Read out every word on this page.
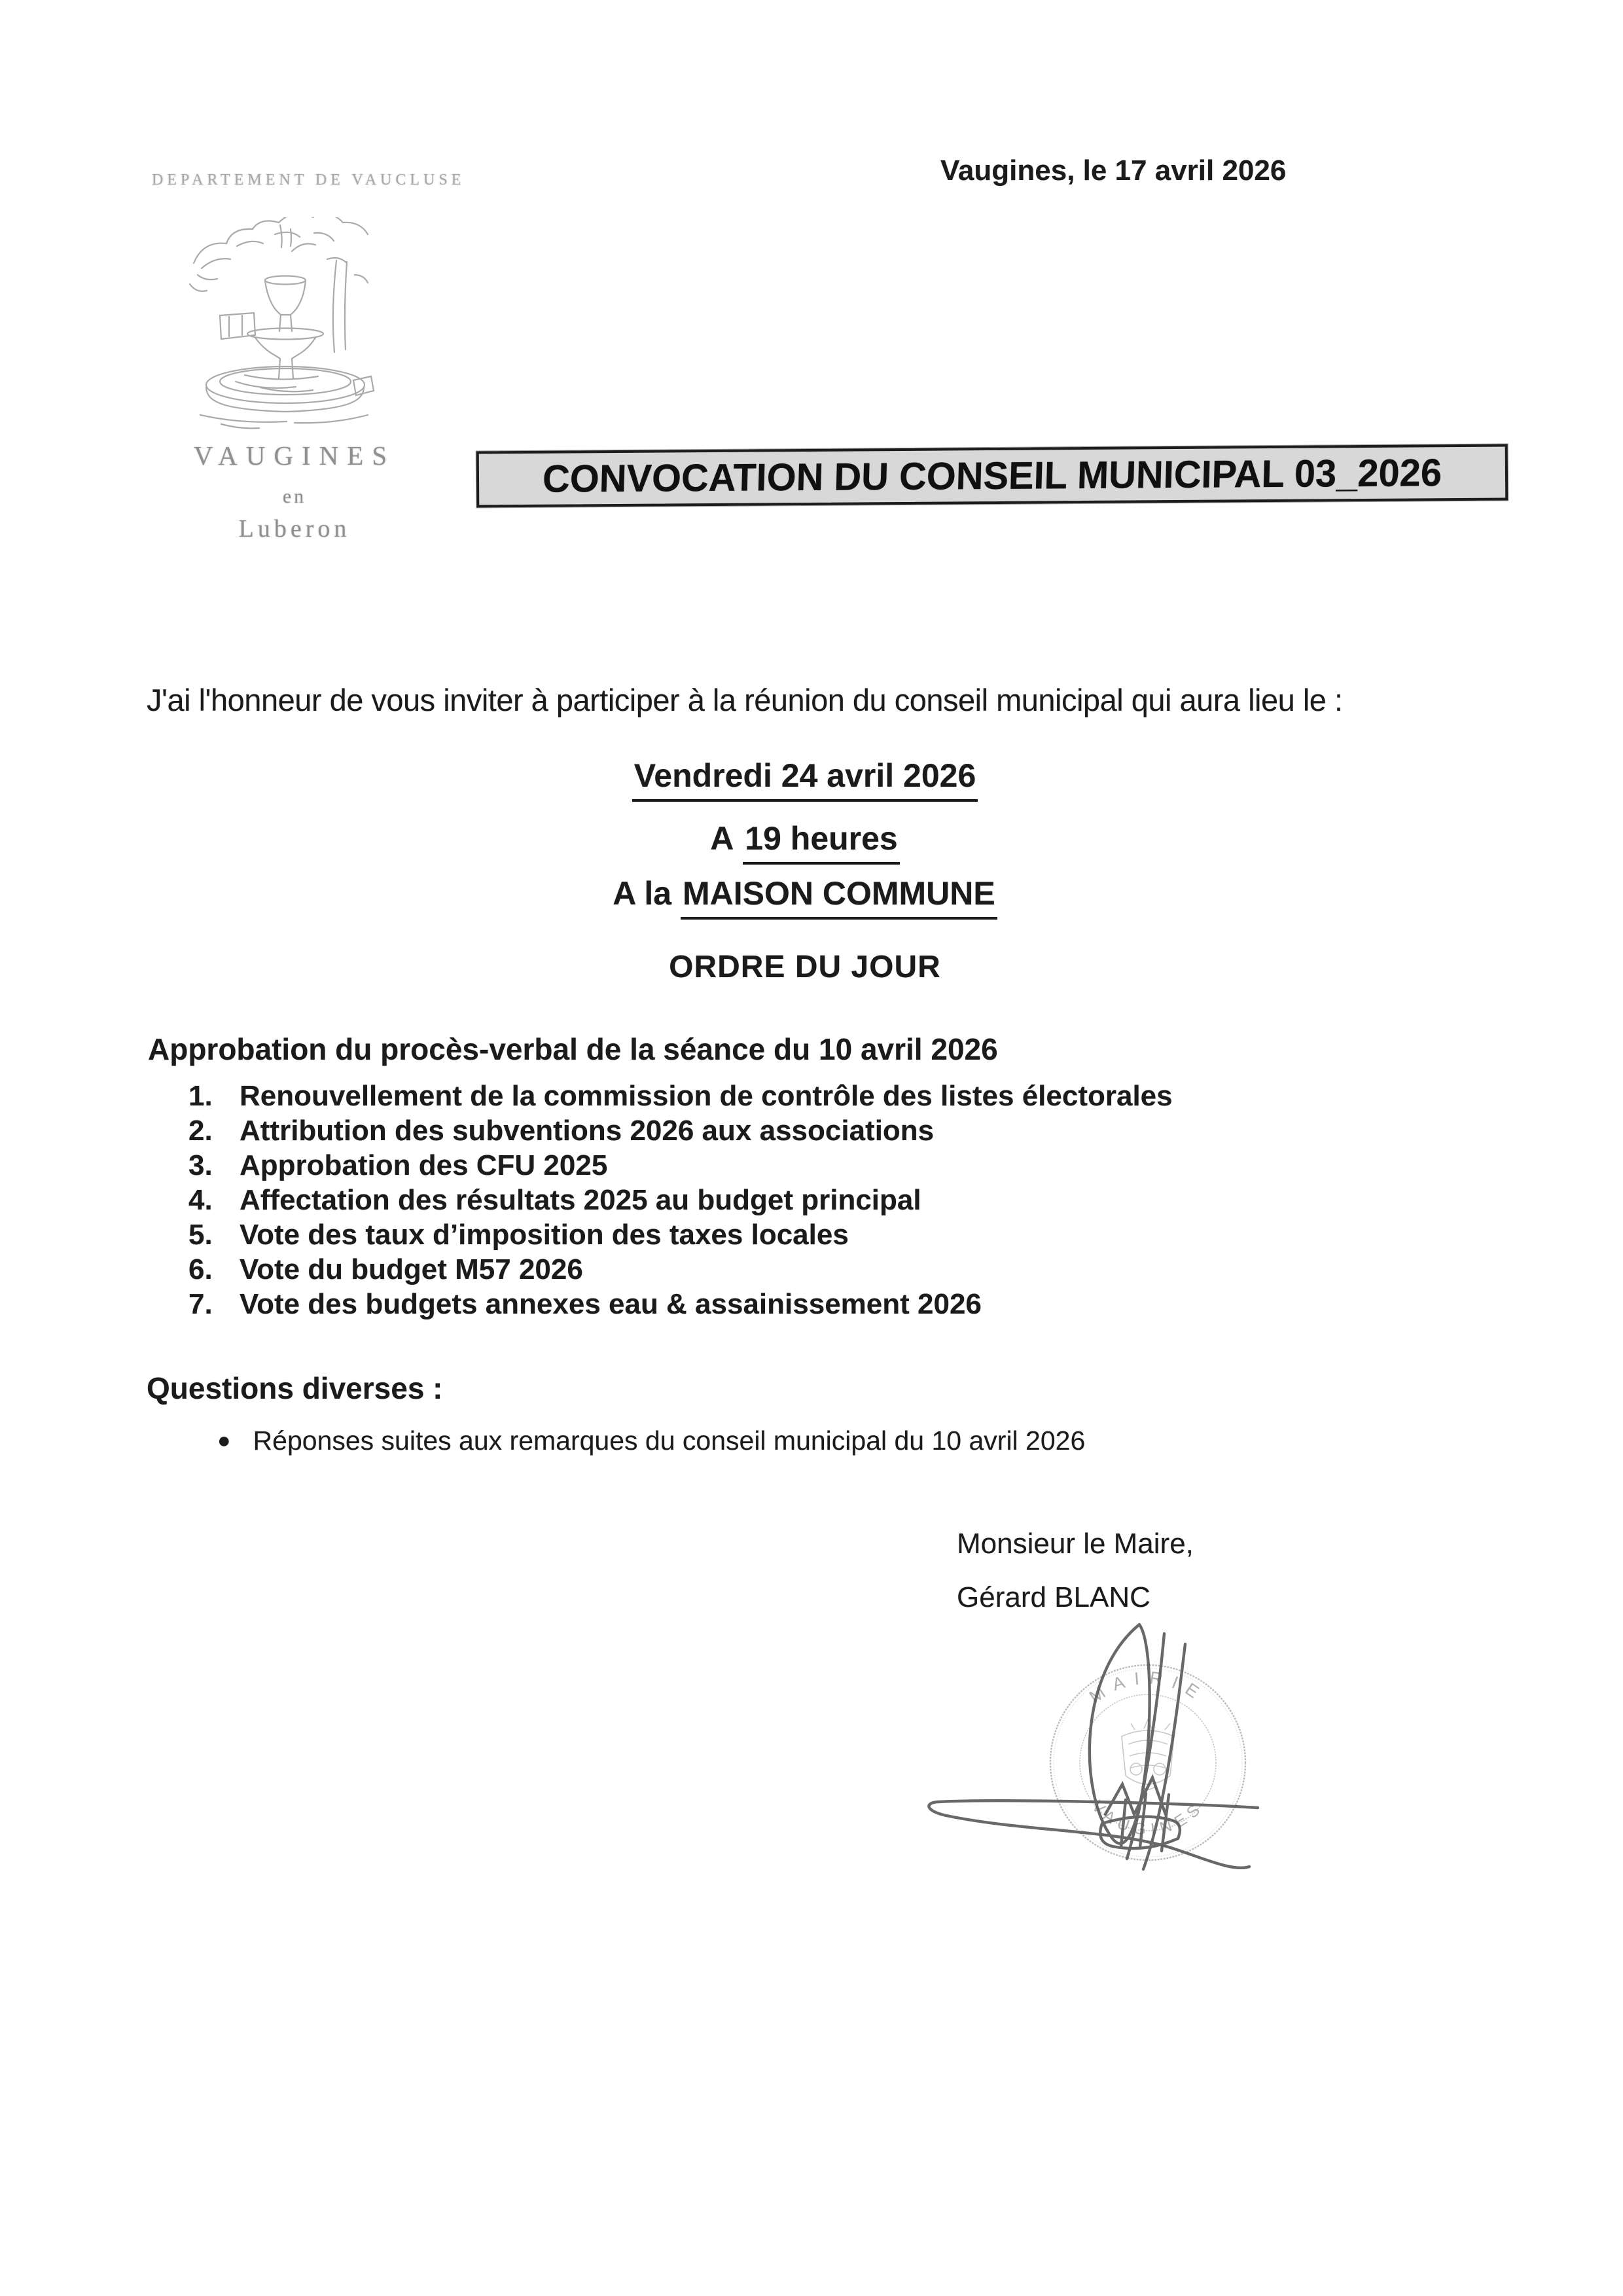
DEPARTEMENT DE VAUCLUSE
VAUGINES
en
Luberon
Vaugines, le 17 avril 2026
CONVOCATION DU CONSEIL MUNICIPAL 03_2026
J'ai l'honneur de vous inviter à participer à la réunion du conseil municipal qui aura lieu le :
Vendredi 24 avril 2026
A 19 heures
A la MAISON COMMUNE
ORDRE DU JOUR
Approbation du procès-verbal de la séance du 10 avril 2026
1. Renouvellement de la commission de contrôle des listes électorales
2. Attribution des subventions 2026 aux associations
3. Approbation des CFU 2025
4. Affectation des résultats 2025 au budget principal
5. Vote des taux d’imposition des taxes locales
6. Vote du budget M57 2026
7. Vote des budgets annexes eau & assainissement 2026
Questions diverses :
● Réponses suites aux remarques du conseil municipal du 10 avril 2026
Monsieur le Maire,
Gérard BLANC
MAIRIE
VAUGINES
